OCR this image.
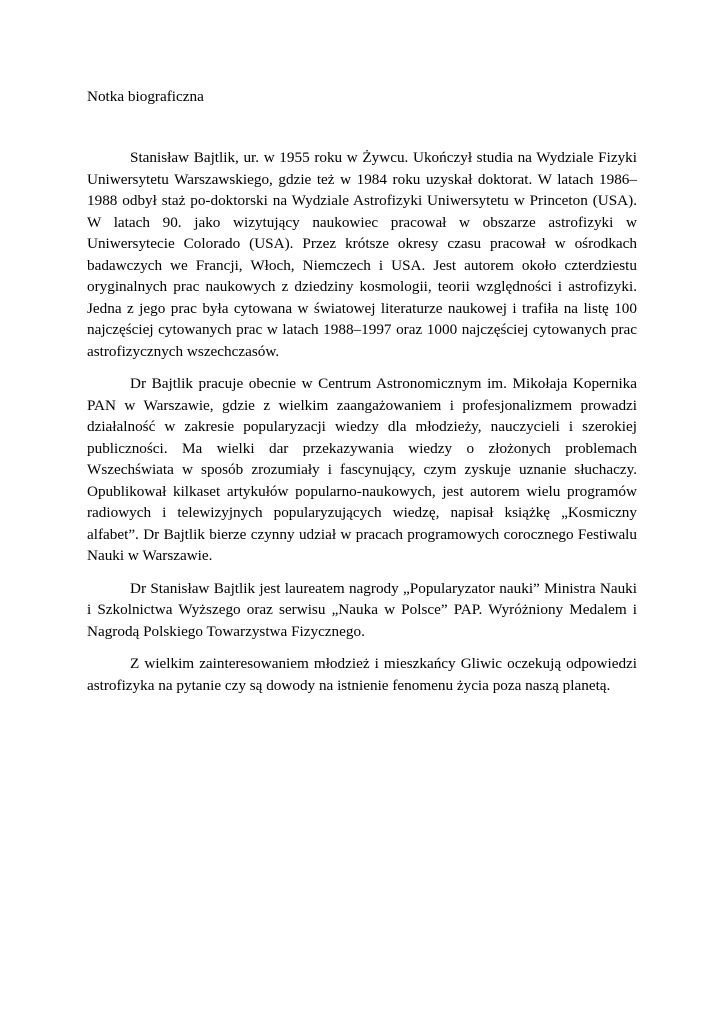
Notka biograficzna

Stanisław Bajtlik, ur. w 1955 roku w Żywcu. Ukończył studia na Wydziale Fizyki Uniwersytetu Warszawskiego, gdzie też w 1984 roku uzyskał doktorat. W latach 1986–1988 odbył staż po-doktorski na Wydziale Astrofizyki Uniwersytetu w Princeton (USA). W latach 90. jako wizytujący naukowiec pracował w obszarze astrofizyki w Uniwersytecie Colorado (USA). Przez krótsze okresy czasu pracował w ośrodkach badawczych we Francji, Włoch, Niemczech i USA. Jest autorem około czterdziestu oryginalnych prac naukowych z dziedziny kosmologii, teorii względności i astrofizyki. Jedna z jego prac była cytowana w światowej literaturze naukowej i trafiła na listę 100 najczęściej cytowanych prac w latach 1988–1997 oraz 1000 najczęściej cytowanych prac astrofizycznych wszechczasów.

Dr Bajtlik pracuje obecnie w Centrum Astronomicznym im. Mikołaja Kopernika PAN w Warszawie, gdzie z wielkim zaangażowaniem i profesjonalizmem prowadzi działalność w zakresie popularyzacji wiedzy dla młodzieży, nauczycieli i szerokiej publiczności. Ma wielki dar przekazywania wiedzy o złożonych problemach Wszechświata w sposób zrozumiały i fascynujący, czym zyskuje uznanie słuchaczy. Opublikował kilkaset artykułów popularno-naukowych, jest autorem wielu programów radiowych i telewizyjnych popularyzujących wiedzę, napisał książkę „Kosmiczny alfabet”. Dr Bajtlik bierze czynny udział w pracach programowych corocznego Festiwalu Nauki w Warszawie.

Dr Stanisław Bajtlik jest laureatem nagrody „Popularyzator nauki” Ministra Nauki i Szkolnictwa Wyższego oraz serwisu „Nauka w Polsce” PAP. Wyróżniony Medalem i Nagrodą Polskiego Towarzystwa Fizycznego.

Z wielkim zainteresowaniem młodzież i mieszkańcy Gliwic oczekują odpowiedzi astrofizyka na pytanie czy są dowody na istnienie fenomenu życia poza naszą planetą.
